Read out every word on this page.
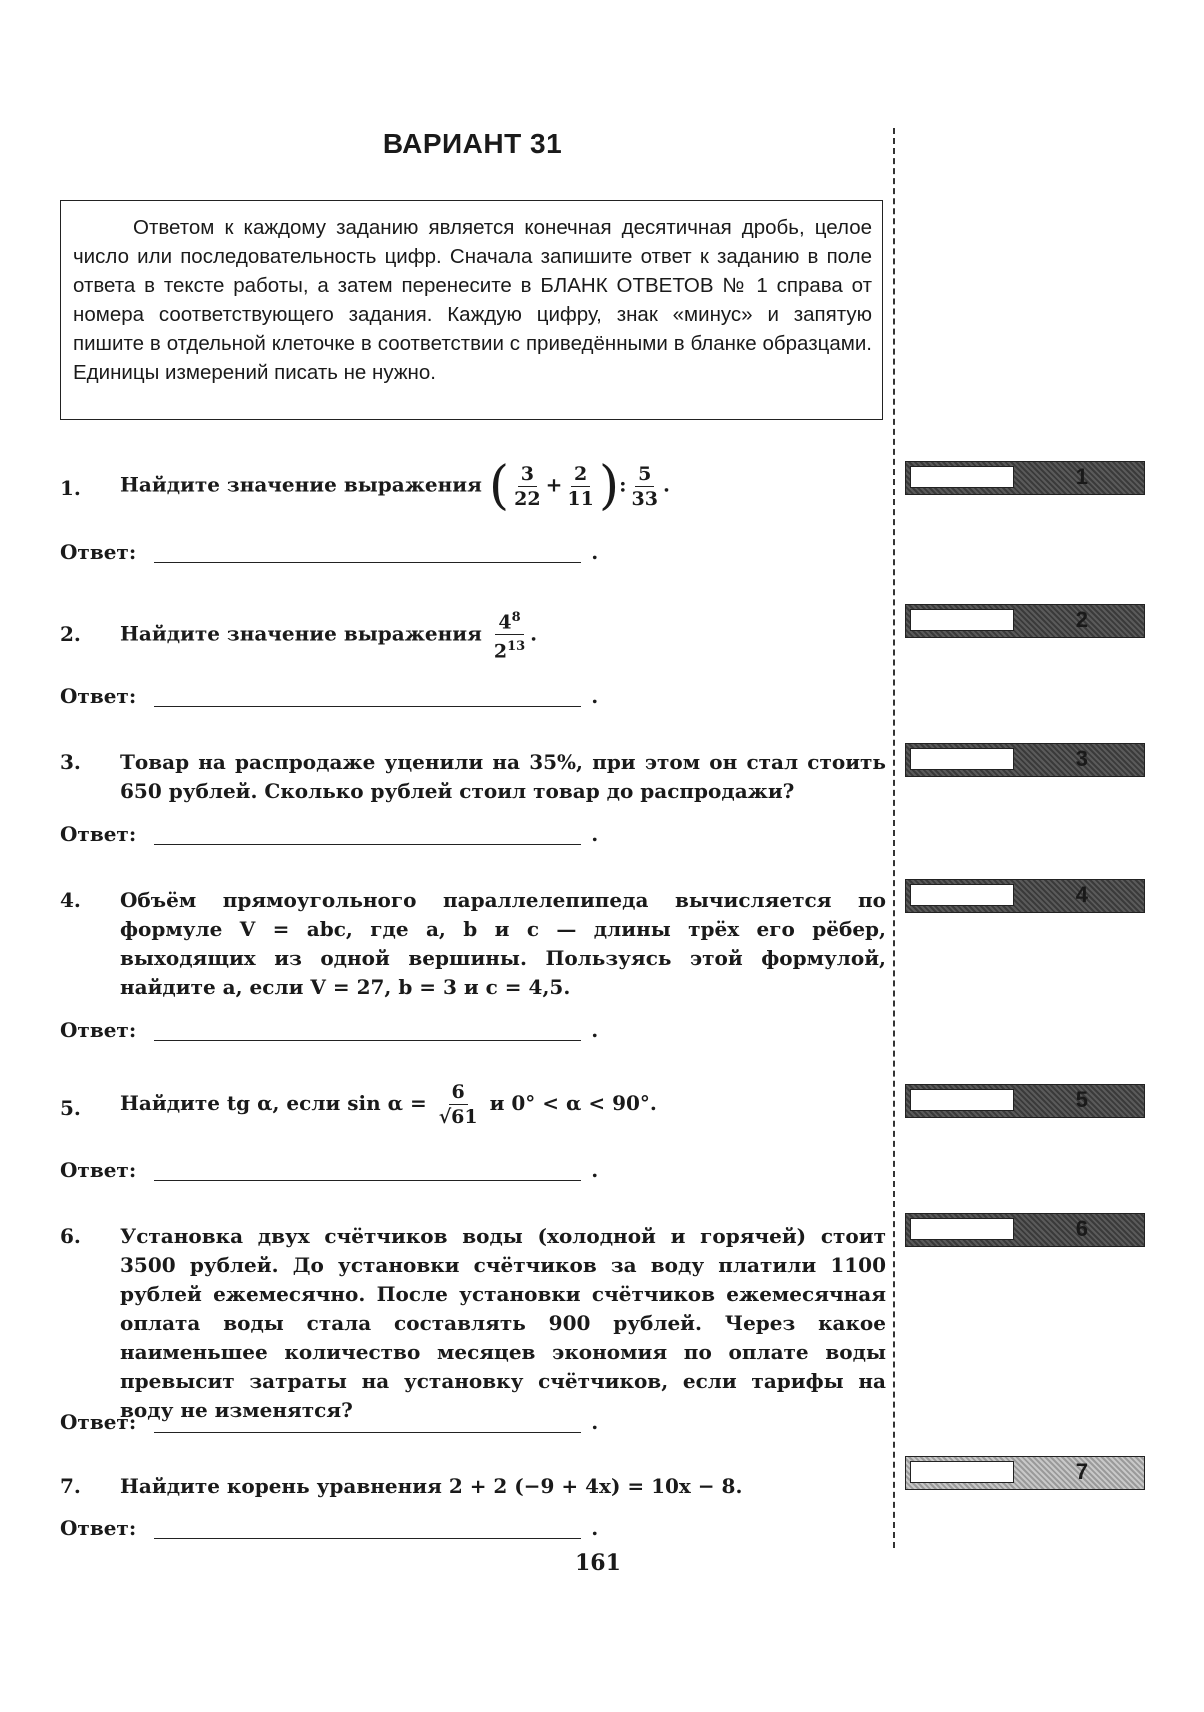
ВАРИАНТ 31
Ответом к каждому заданию является конечная десятичная дробь, целое число или последовательность цифр. Сначала запишите ответ к заданию в поле ответа в тексте работы, а затем перенесите в БЛАНК ОТВЕТОВ № 1 справа от номера соответствующего задания. Каждую цифру, знак «минус» и запятую пишите в отдельной клеточке в соответствии с приведёнными в бланке образцами. Единицы измерений писать не нужно.
1. Найдите значение выражения ( $\frac{3}{22} + \frac{2}{11}$ ): $\frac{5}{33}$ .
Ответ:	.
2. Найдите значение выражения $\frac{4^8}{2^{13}}$ .
Ответ:	.
3. Товар на распродаже уценили на 35%, при этом он стал стоить 650 рублей. Сколько рублей стоил товар до распродажи?
Ответ:	.
4. Объём прямоугольного параллелепипеда вычисляется по формуле V = abc, где a, b и c — длины трёх его рёбер, выходящих из одной вершины. Пользуясь этой формулой, найдите a, если V = 27, b = 3 и c = 4,5.
Ответ:	.
5. Найдите tg α, если $\sin \alpha = \frac{6}{√61}$ и 0° < α < 90°.
Ответ:	.
6. Установка двух счётчиков воды (холодной и горячей) стоит 3500 рублей. До установки счётчиков за воду платили 1100 рублей ежемесячно. После установки счётчиков ежемесячная оплата воды стала составлять 900 рублей. Через какое наименьшее количество месяцев экономия по оплате воды превысит затраты на установку счётчиков, если тарифы на воду не изменятся?
Ответ:	.
7. Найдите корень уравнения 2 + 2 (−9 + 4x) = 10x − 8.
Ответ:	.
1
2
3
4
5
6
7
161
